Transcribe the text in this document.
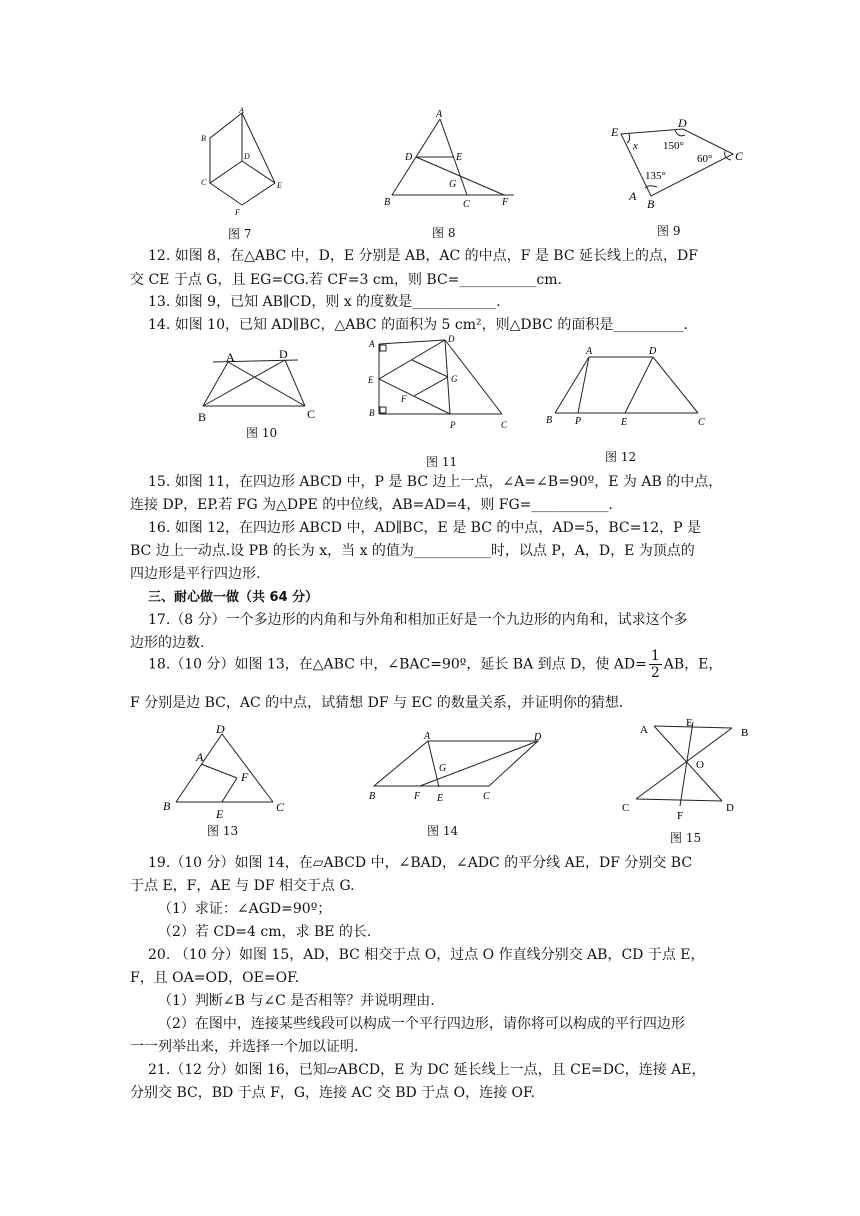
A
B
C
D
E
F
图 7
A
D	E
G
B	C	F
图 8
E
D
C
A
B
x 150°
60°
135°
图 9
12. 如图 8，在△ABC 中，D，E 分别是 AB，AC 的中点，F 是 BC 延长线上的点，DF
交 CE 于点 G，且 EG=CG.若 CF=3 cm，则 BC=___________cm.
13. 如图 9，已知 AB∥CD，则 x 的度数是____________.
14. 如图 10，已知 AD∥BC，△ABC 的面积为 5 cm²，则△DBC 的面积是__________.
A	D
B	C
图 10
A	D
E	G
F
B
P	C
图 11
A	D
B P	E	C
图 12
15. 如图 11，在四边形 ABCD 中，P 是 BC 边上一点，∠A=∠B=90º，E 为 AB 的中点，
连接 DP，EP.若 FG 为△DPE 的中位线，AB=AD=4，则 FG=___________.
16. 如图 12，在四边形 ABCD 中，AD∥BC，E 是 BC 的中点，AD=5，BC=12，P 是
BC 边上一动点.设 PB 的长为 x，当 x 的值为___________时，以点 P，A，D，E 为顶点的
四边形是平行四边形.
三、耐心做一做（共 64 分）
17.（8 分）一个多边形的内角和与外角和相加正好是一个九边形的内角和，试求这个多
边形的边数.
18.（10 分）如图 13，在△ABC 中，∠BAC=90º，延长 BA 到点 D，使 $AD= \frac{1}{2}$ AB，E，
F 分别是边 BC，AC 的中点，试猜想 DF 与 EC 的数量关系，并证明你的猜想.
D
A
F
B
E	C
图 13
A	D
G
B	F E	C
图 14
A
E
B
O
C
F
D
图 15
19.（10 分）如图 14，在▱ABCD 中，∠BAD，∠ADC 的平分线 AE，DF 分别交 BC
于点 E，F，AE 与 DF 相交于点 G.
（1）求证：∠AGD=90º；
（2）若 CD=4 cm，求 BE 的长.
20. （10 分）如图 15，AD，BC 相交于点 O，过点 O 作直线分别交 AB，CD 于点 E，
F，且 OA=OD，OE=OF.
（1）判断∠B 与∠C 是否相等？并说明理由.
（2）在图中，连接某些线段可以构成一个平行四边形，请你将可以构成的平行四边形
一一列举出来，并选择一个加以证明.
21.（12 分）如图 16，已知▱ABCD，E 为 DC 延长线上一点，且 CE=DC，连接 AE，
分别交 BC，BD 于点 F，G，连接 AC 交 BD 于点 O，连接 OF.
